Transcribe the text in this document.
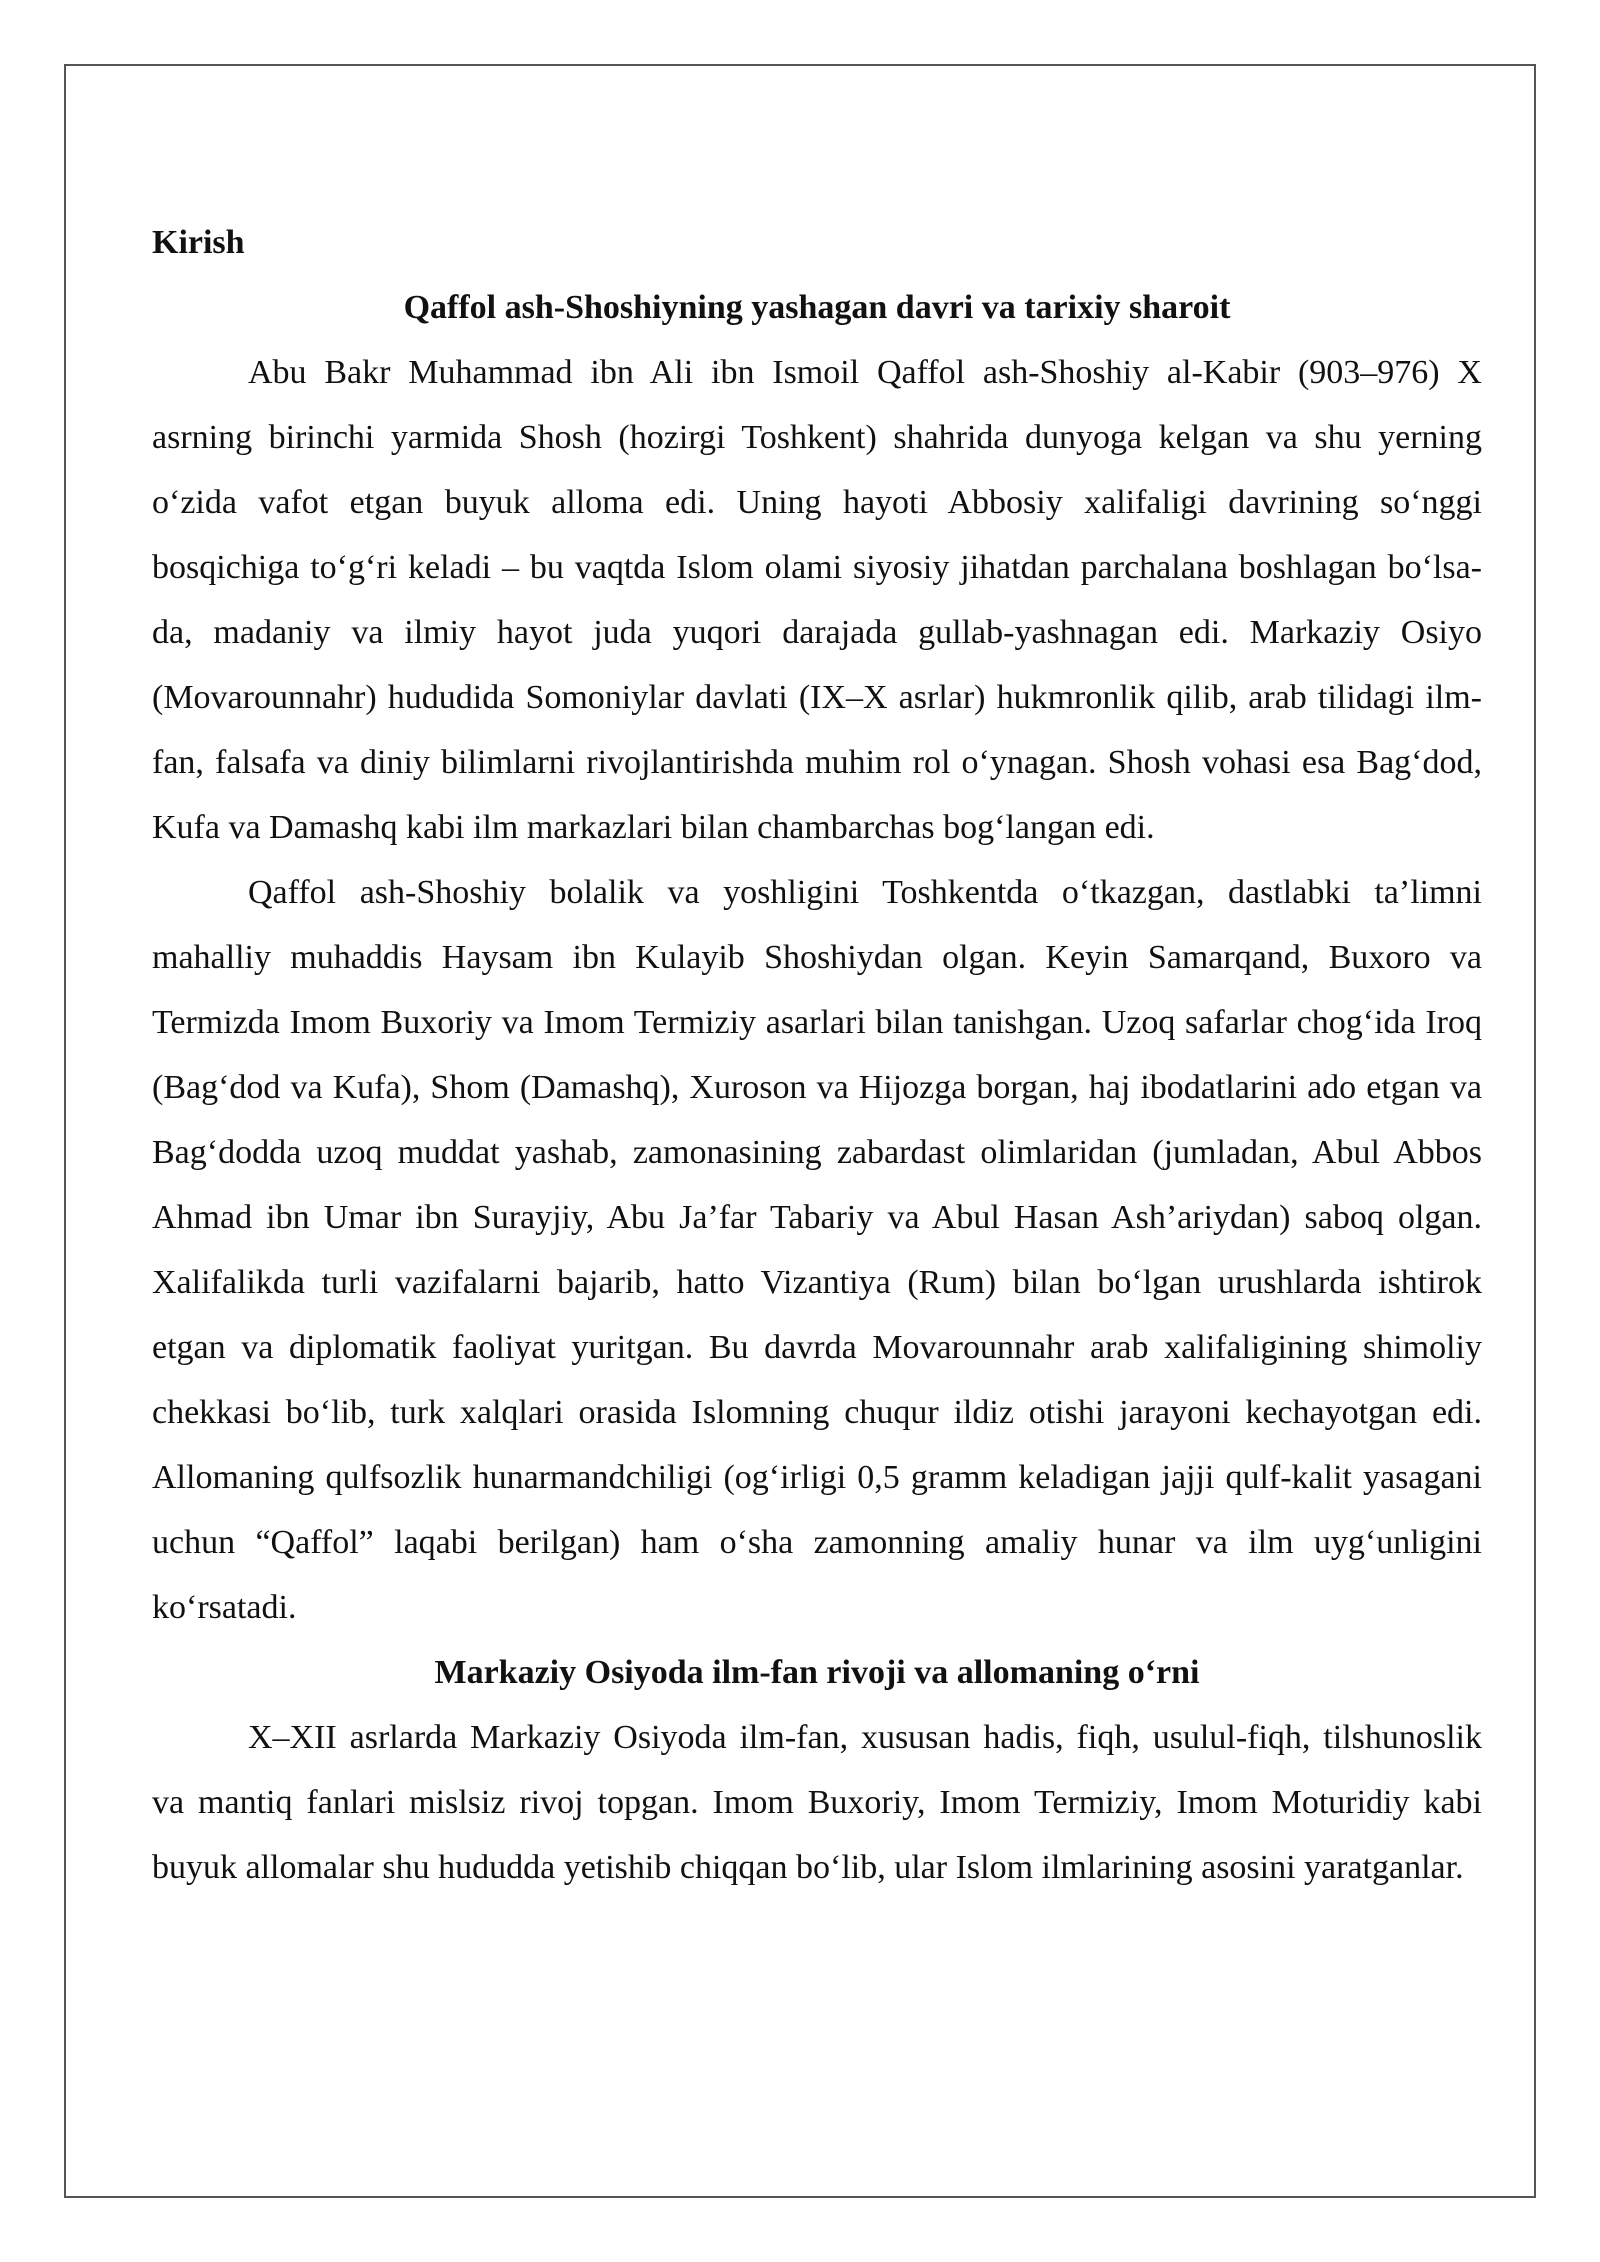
Kirish

Qaffol ash-Shoshiyning yashagan davri va tarixiy sharoit

Abu Bakr Muhammad ibn Ali ibn Ismoil Qaffol ash-Shoshiy al-Kabir (903–976) X asrning birinchi yarmida Shosh (hozirgi Toshkent) shahrida dunyoga kelgan va shu yerning o‘zida vafot etgan buyuk alloma edi. Uning hayoti Abbosiy xalifaligi davrining so‘nggi bosqichiga to‘g‘ri keladi – bu vaqtda Islom olami siyosiy jihatdan parchalana boshlagan bo‘lsa-da, madaniy va ilmiy hayot juda yuqori darajada gullab-yashnagan edi. Markaziy Osiyo (Movarounnahr) hududida Somoniylar davlati (IX–X asrlar) hukmronlik qilib, arab tilidagi ilm-fan, falsafa va diniy bilimlarni rivojlantirishda muhim rol o‘ynagan. Shosh vohasi esa Bag‘dod, Kufa va Damashq kabi ilm markazlari bilan chambarchas bog‘langan edi.

Qaffol ash-Shoshiy bolalik va yoshligini Toshkentda o‘tkazgan, dastlabki ta’limni mahalliy muhaddis Haysam ibn Kulayib Shoshiydan olgan. Keyin Samarqand, Buxoro va Termizda Imom Buxoriy va Imom Termiziy asarlari bilan tanishgan. Uzoq safarlar chog‘ida Iroq (Bag‘dod va Kufa), Shom (Damashq), Xuroson va Hijozga borgan, haj ibodatlarini ado etgan va Bag‘dodda uzoq muddat yashab, zamonasining zabardast olimlaridan (jumladan, Abul Abbos Ahmad ibn Umar ibn Surayjiy, Abu Ja’far Tabariy va Abul Hasan Ash’ariydan) saboq olgan. Xalifalikda turli vazifalarni bajarib, hatto Vizantiya (Rum) bilan bo‘lgan urushlarda ishtirok etgan va diplomatik faoliyat yuritgan. Bu davrda Movarounnahr arab xalifaligining shimoliy chekkasi bo‘lib, turk xalqlari orasida Islomning chuqur ildiz otishi jarayoni kechayotgan edi. Allomaning qulfsozlik hunarmandchiligi (og‘irligi 0,5 gramm keladigan jajji qulf-kalit yasagani uchun “Qaffol” laqabi berilgan) ham o‘sha zamonning amaliy hunar va ilm uyg‘unligini ko‘rsatadi.

Markaziy Osiyoda ilm-fan rivoji va allomaning o‘rni

X–XII asrlarda Markaziy Osiyoda ilm-fan, xususan hadis, fiqh, usulul-fiqh, tilshunoslik va mantiq fanlari mislsiz rivoj topgan. Imom Buxoriy, Imom Termiziy, Imom Moturidiy kabi buyuk allomalar shu hududda yetishib chiqqan bo‘lib, ular Islom ilmlarining asosini yaratganlar.
